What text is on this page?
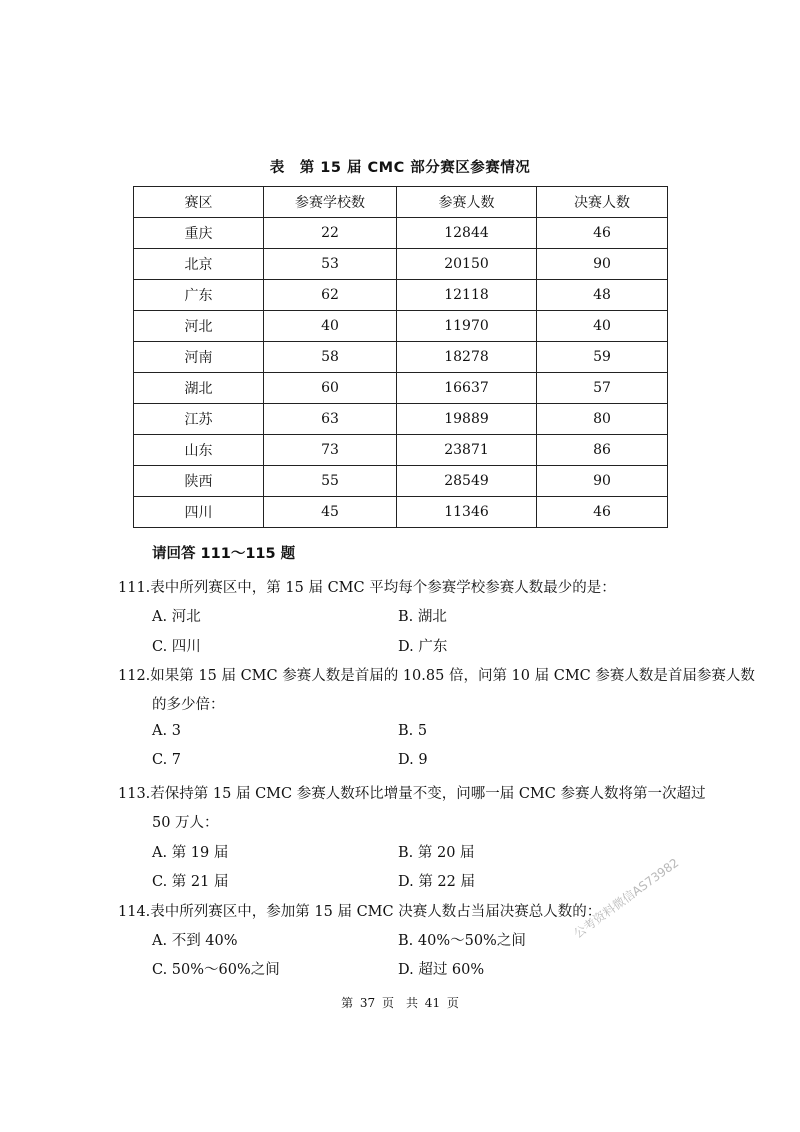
表　第 15 届 CMC 部分赛区参赛情况
赛区	参赛学校数	参赛人数	决赛人数
重庆	22	12844	46
北京	53	20150	90
广东	62	12118	48
河北	40	11970	40
河南	58	18278	59
湖北	60	16637	57
江苏	63	19889	80
山东	73	23871	86
陕西	55	28549	90
四川	45	11346	46
请回答 111～115 题
111.表中所列赛区中，第 15 届 CMC 平均每个参赛学校参赛人数最少的是：
A. 河北	B. 湖北
C. 四川	D. 广东
112.如果第 15 届 CMC 参赛人数是首届的 10.85 倍，问第 10 届 CMC 参赛人数是首届参赛人数
的多少倍：
A. 3	B. 5
C. 7	D. 9
113.若保持第 15 届 CMC 参赛人数环比增量不变，问哪一届 CMC 参赛人数将第一次超过
50 万人：
A. 第 19 届	B. 第 20 届
C. 第 21 届	D. 第 22 届
114.表中所列赛区中，参加第 15 届 CMC 决赛人数占当届决赛总人数的：
A. 不到 40%	B. 40%～50%之间
C. 50%～60%之间	D. 超过 60%
公考资料微信AS73982
第 37 页　共 41 页
